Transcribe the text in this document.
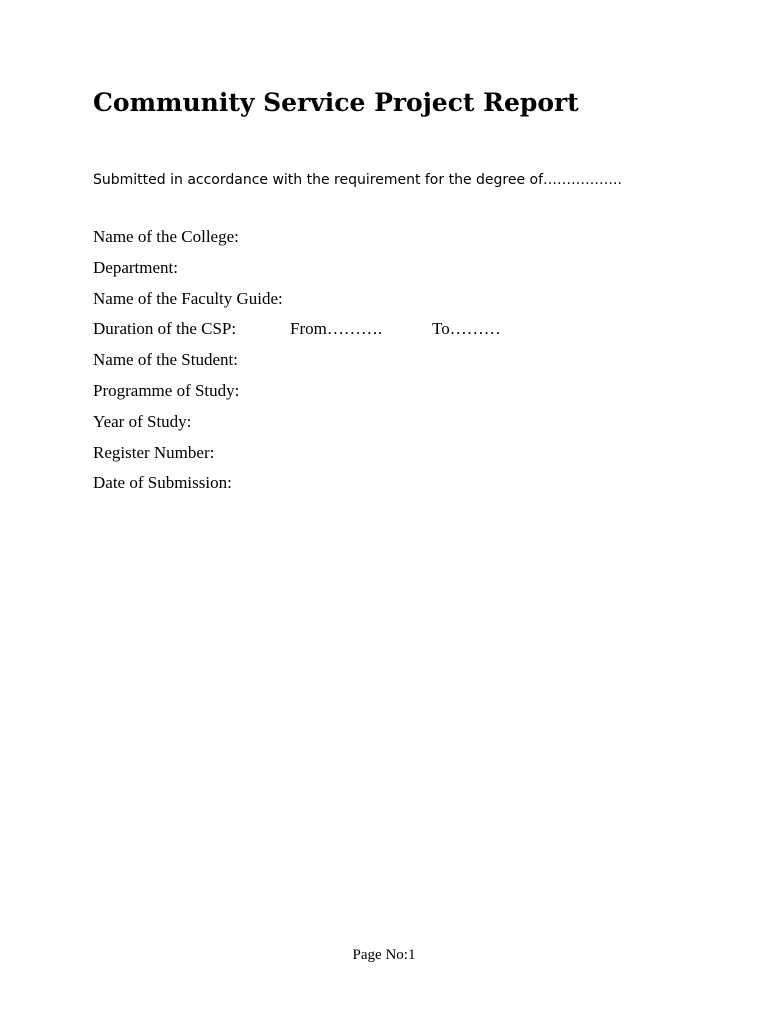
Community Service Project Report

Submitted in accordance with the requirement for the degree of……………..

Name of the College:
Department:
Name of the Faculty Guide:
Duration of the CSP:	From……….	To………
Name of the Student:
Programme of Study:
Year of Study:
Register Number:
Date of Submission:
Page No:1
